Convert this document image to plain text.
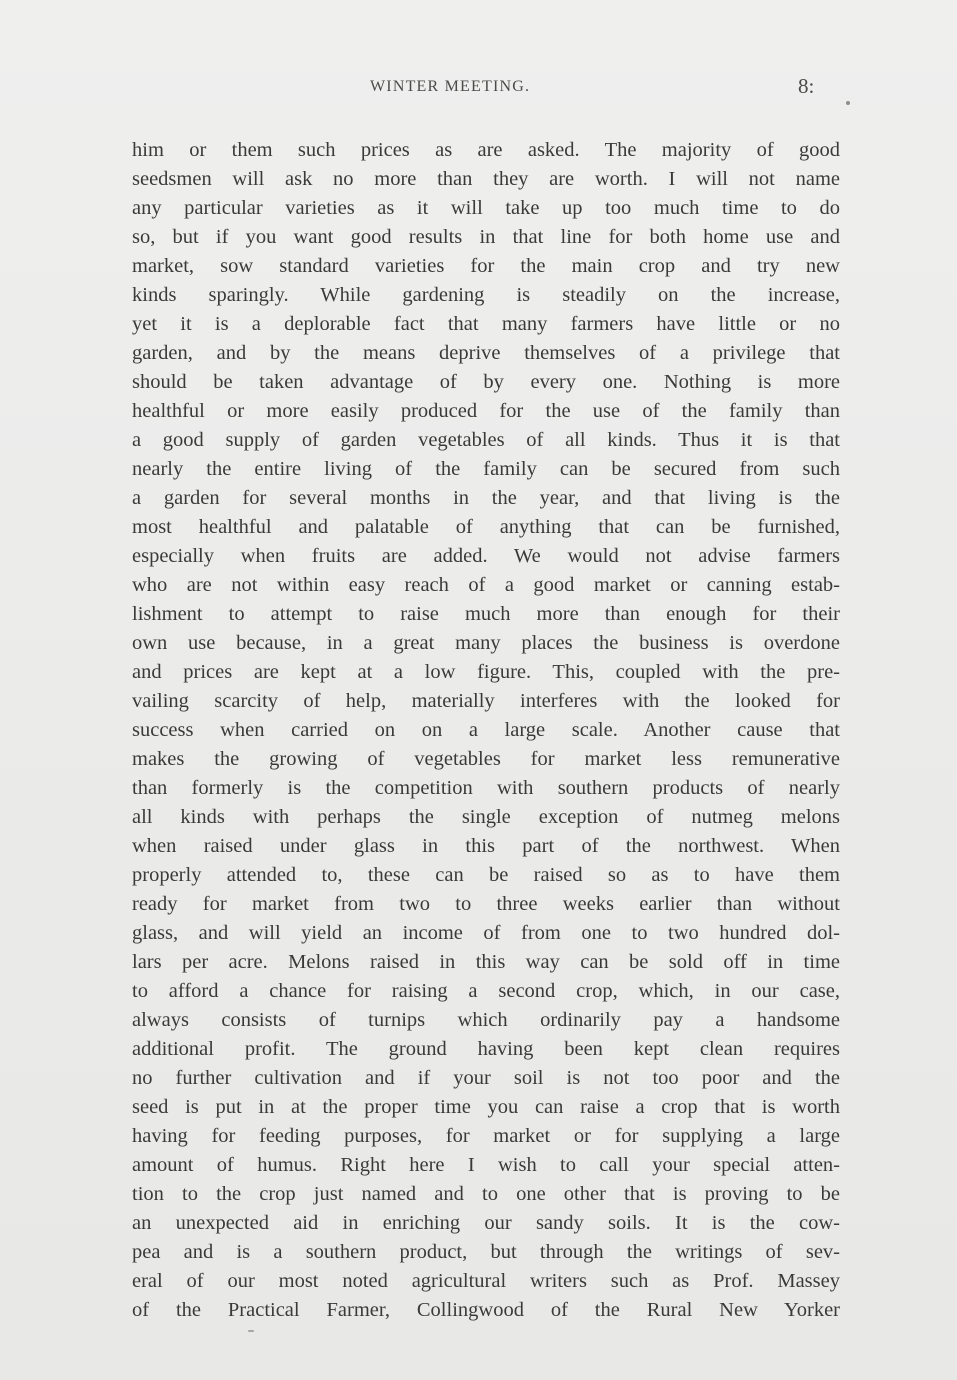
WINTER MEETING.	8:
him or them such prices as are asked. The majority of good
seedsmen will ask no more than they are worth. I will not name
any particular varieties as it will take up too much time to do
so, but if you want good results in that line for both home use and
market, sow standard varieties for the main crop and try new
kinds sparingly. While gardening is steadily on the increase,
yet it is a deplorable fact that many farmers have little or no
garden, and by the means deprive themselves of a privilege that
should be taken advantage of by every one. Nothing is more
healthful or more easily produced for the use of the family than
a good supply of garden vegetables of all kinds. Thus it is that
nearly the entire living of the family can be secured from such
a garden for several months in the year, and that living is the
most healthful and palatable of anything that can be furnished,
especially when fruits are added. We would not advise farmers
who are not within easy reach of a good market or canning estab-
lishment to attempt to raise much more than enough for their
own use because, in a great many places the business is overdone
and prices are kept at a low figure. This, coupled with the pre-
vailing scarcity of help, materially interferes with the looked for
success when carried on on a large scale. Another cause that
makes the growing of vegetables for market less remunerative
than formerly is the competition with southern products of nearly
all kinds with perhaps the single exception of nutmeg melons
when raised under glass in this part of the northwest. When
properly attended to, these can be raised so as to have them
ready for market from two to three weeks earlier than without
glass, and will yield an income of from one to two hundred dol-
lars per acre. Melons raised in this way can be sold off in time
to afford a chance for raising a second crop, which, in our case,
always consists of turnips which ordinarily pay a handsome
additional profit. The ground having been kept clean requires
no further cultivation and if your soil is not too poor and the
seed is put in at the proper time you can raise a crop that is worth
having for feeding purposes, for market or for supplying a large
amount of humus. Right here I wish to call your special atten-
tion to the crop just named and to one other that is proving to be
an unexpected aid in enriching our sandy soils. It is the cow-
pea and is a southern product, but through the writings of sev-
eral of our most noted agricultural writers such as Prof. Massey
of the Practical Farmer, Collingwood of the Rural New Yorker
